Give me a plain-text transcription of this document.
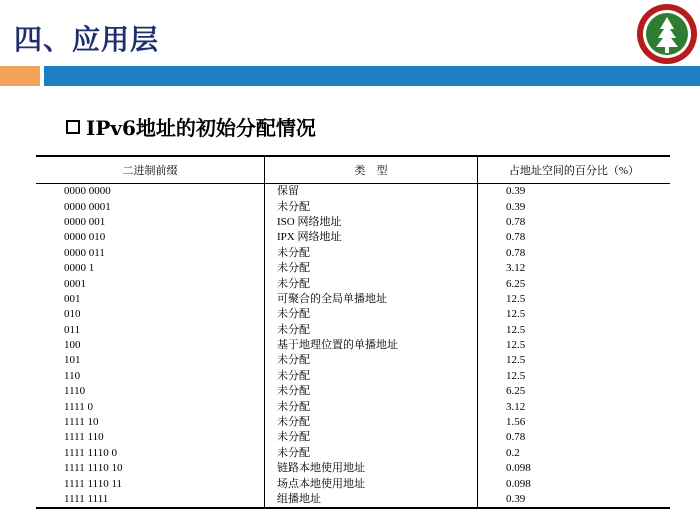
四、应用层
IPv6地址的初始分配情况
二进制前缀	类　型	占地址空间的百分比（%）
0000 0000	保留	0.39
0000 0001	未分配	0.39
0000 001	ISO 网络地址	0.78
0000 010	IPX 网络地址	0.78
0000 011	未分配	0.78
0000 1	未分配	3.12
0001	未分配	6.25
001	可聚合的全局单播地址	12.5
010	未分配	12.5
011	未分配	12.5
100	基于地理位置的单播地址	12.5
101	未分配	12.5
110	未分配	12.5
1110	未分配	6.25
1111 0	未分配	3.12
1111 10	未分配	1.56
1111 110	未分配	0.78
1111 1110 0	未分配	0.2
1111 1110 10	链路本地使用地址	0.098
1111 1110 11	场点本地使用地址	0.098
1111 1111	组播地址	0.39
